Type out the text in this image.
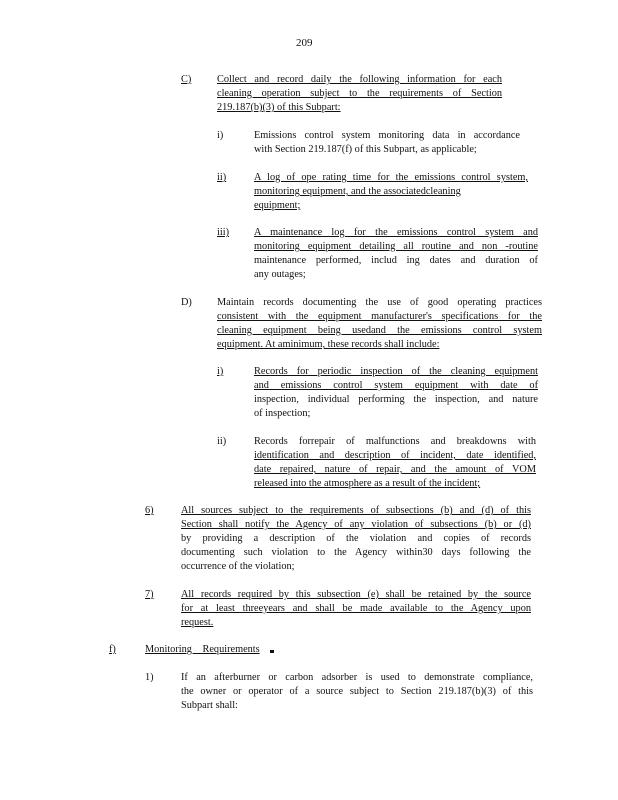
209
C) Collect and record daily the following information for each
cleaning operation subject to the requirements of Section
219.187(b)(3) of this Subpart:
i)	Emissions control system monitoring data in accordance
with Section 219.187(f) of this Subpart, as applicable;
ii)	A log of ope rating time for the emissions control system,
monitoring equipment, and the associatedcleaning
equipment;
iii) A maintenance log for the emissions control system and
monitoring equipment detailing all routine and non -routine
maintenance performed, includ ing dates and duration of
any outages;
D) Maintain records documenting the use of good operating practices
consistent with the equipment manufacturer's specifications for the
cleaning equipment being usedand the emissions control system
equipment. At aminimum, these records shall include:
i)	Records for periodic inspection of the cleaning equipment
and emissions control system equipment with date of
inspection, individual performing the inspection, and nature
of inspection;
ii)	Records forrepair of malfunctions and breakdowns with
identification and description of incident, date identified,
date repaired, nature of repair, and the amount of VOM
released into the atmosphere as a result of the incident;
6)	All sources subject to the requirements of subsections (b) and (d) of this
Section shall notify the Agency of any violation of subsections (b) or (d)
by providing a description of the violation and copies of records
documenting such violation to the Agency within30 days following the
occurrence of the violation;
7)	All records required by this subsection (e) shall be retained by the source
for at least threeyears and shall be made available to the Agency upon
request.
f)	Monitoring Requirements
1)	If an afterburner or carbon adsorber is used to demonstrate compliance,
the owner or operator of a source subject to Section 219.187(b)(3) of this
Subpart shall:
